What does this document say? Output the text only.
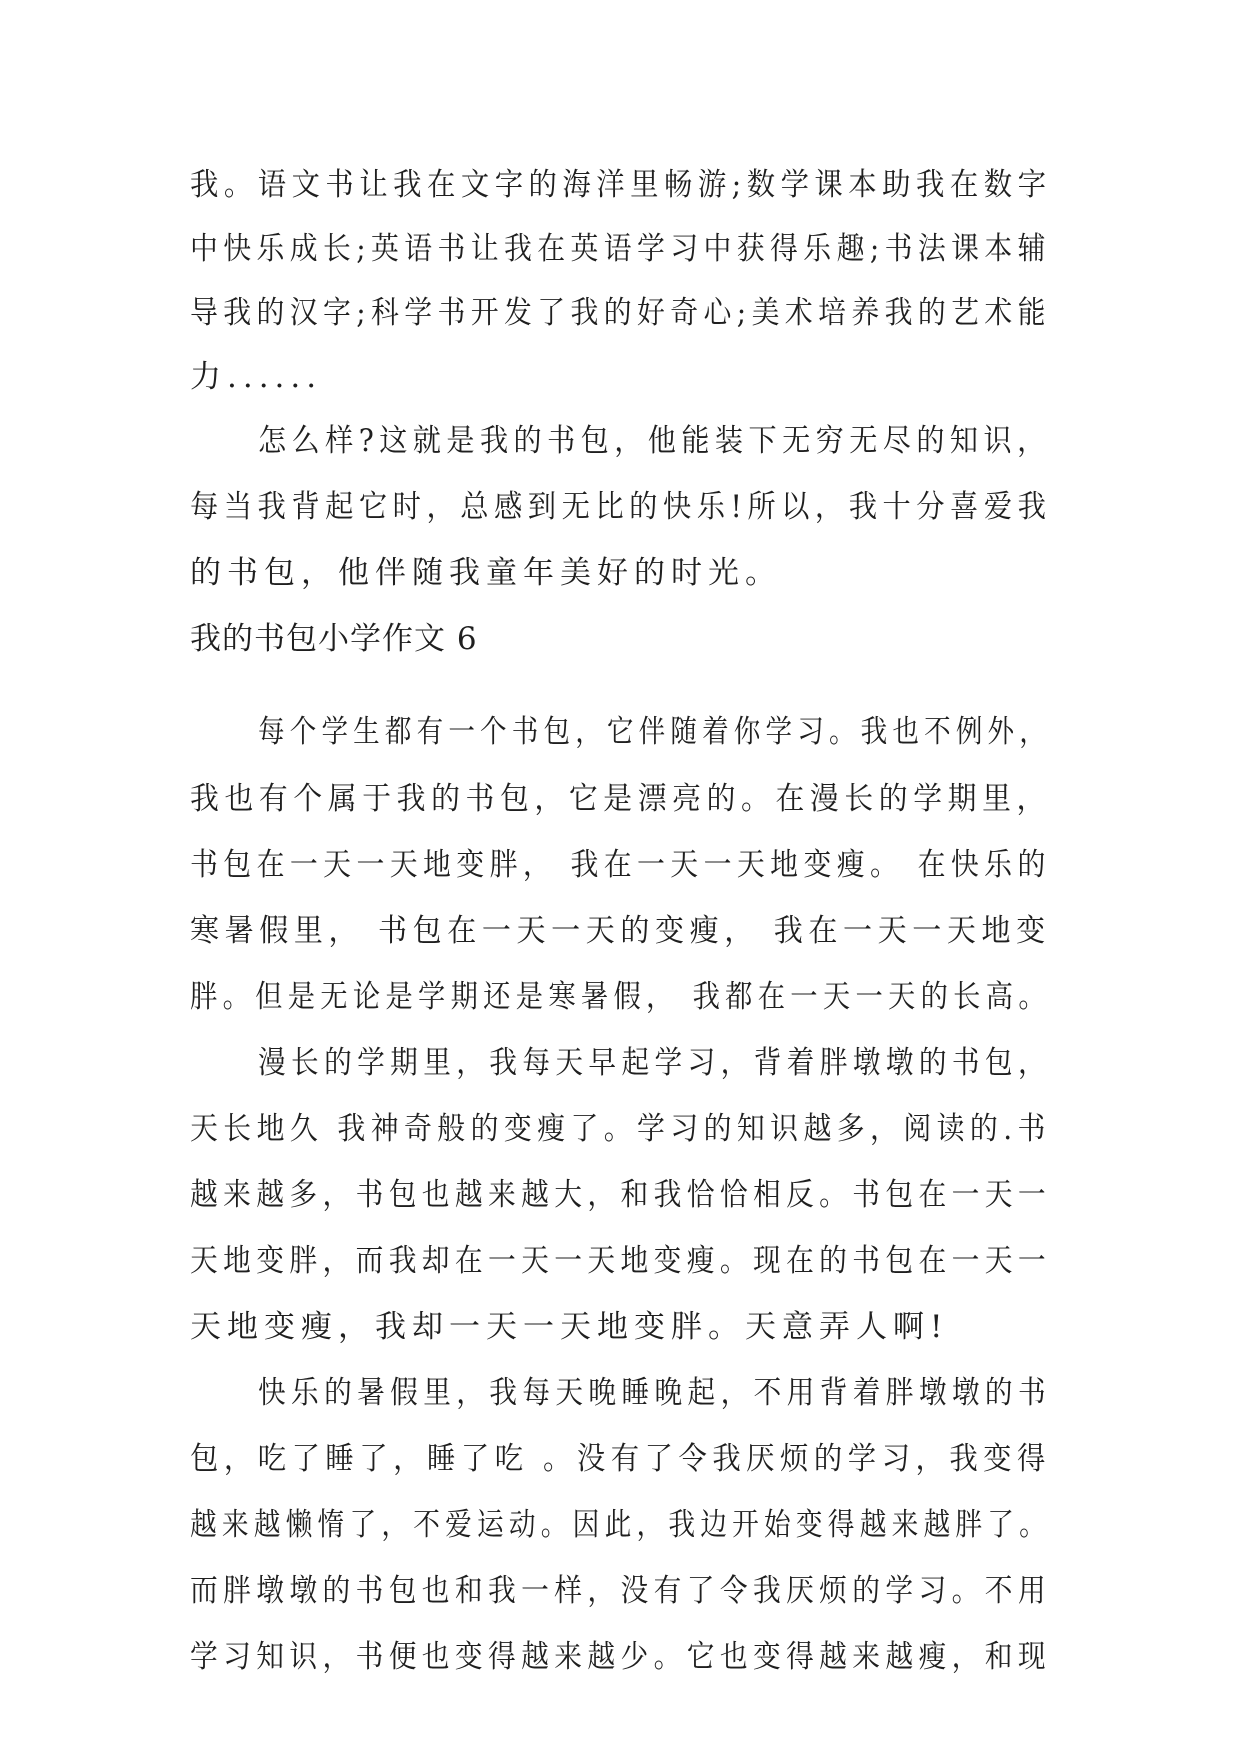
我。语文书让我在文字的海洋里畅游;数学课本助我在数字

中快乐成长;英语书让我在英语学习中获得乐趣;书法课本辅

导我的汉字;科学书开发了我的好奇心;美术培养我的艺术能

力......

怎么样?这就是我的书包，他能装下无穷无尽的知识，

每当我背起它时，总感到无比的快乐!所以，我十分喜爱我

的书包，他伴随我童年美好的时光。

我的书包小学作文 6

每个学生都有一个书包，它伴随着你学习。我也不例外，

我也有个属于我的书包，它是漂亮的。在漫长的学期里，

书包在一天一天地变胖， 我在一天一天地变瘦。 在快乐的

寒暑假里， 书包在一天一天的变瘦， 我在一天一天地变

胖。但是无论是学期还是寒暑假， 我都在一天一天的长高。

漫长的学期里，我每天早起学习，背着胖墩墩的书包，

天长地久 我神奇般的变瘦了。学习的知识越多，阅读的.书

越来越多，书包也越来越大，和我恰恰相反。书包在一天一

天地变胖，而我却在一天一天地变瘦。现在的书包在一天一

天地变瘦，我却一天一天地变胖。天意弄人啊!

快乐的暑假里，我每天晚睡晚起，不用背着胖墩墩的书

包，吃了睡了，睡了吃 。没有了令我厌烦的学习，我变得

越来越懒惰了，不爱运动。因此，我边开始变得越来越胖了。

而胖墩墩的书包也和我一样，没有了令我厌烦的学习。不用

学习知识，书便也变得越来越少。它也变得越来越瘦，和现
